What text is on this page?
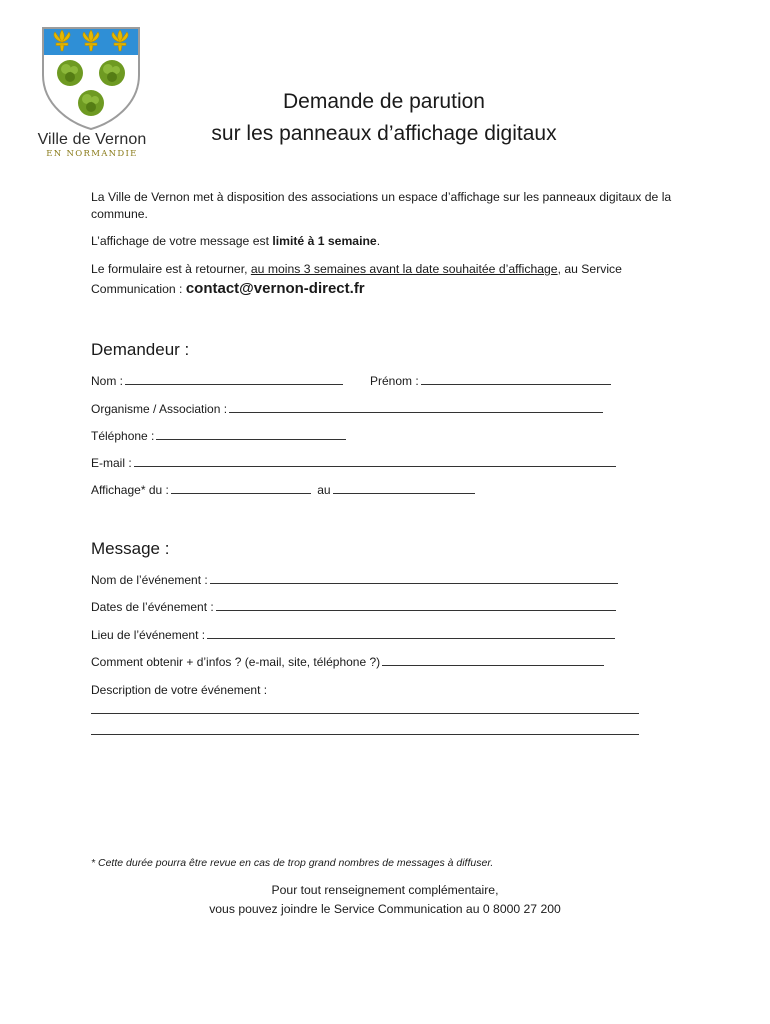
Ville de Vernon
EN NORMANDIE
Demande de parution
sur les panneaux d’affichage digitaux
La Ville de Vernon met à disposition des associations un espace d’affichage sur les panneaux digitaux de la commune.
L’affichage de votre message est limité à 1 semaine.
Le formulaire est à retourner, au moins 3 semaines avant la date souhaitée d’affichage, au Service
Communication : contact@vernon-direct.fr
Demandeur :
Nom :	Prénom :
Organisme / Association :
Téléphone :
E-mail :
Affichage* du :	au
Message :
Nom de l’événement :
Dates de l’événement :
Lieu de l’événement :
Comment obtenir + d’infos ? (e-mail, site, téléphone ?)
Description de votre événement :
* Cette durée pourra être revue en cas de trop grand nombres de messages à diffuser.
Pour tout renseignement complémentaire,
vous pouvez joindre le Service Communication au 0 8000 27 200
